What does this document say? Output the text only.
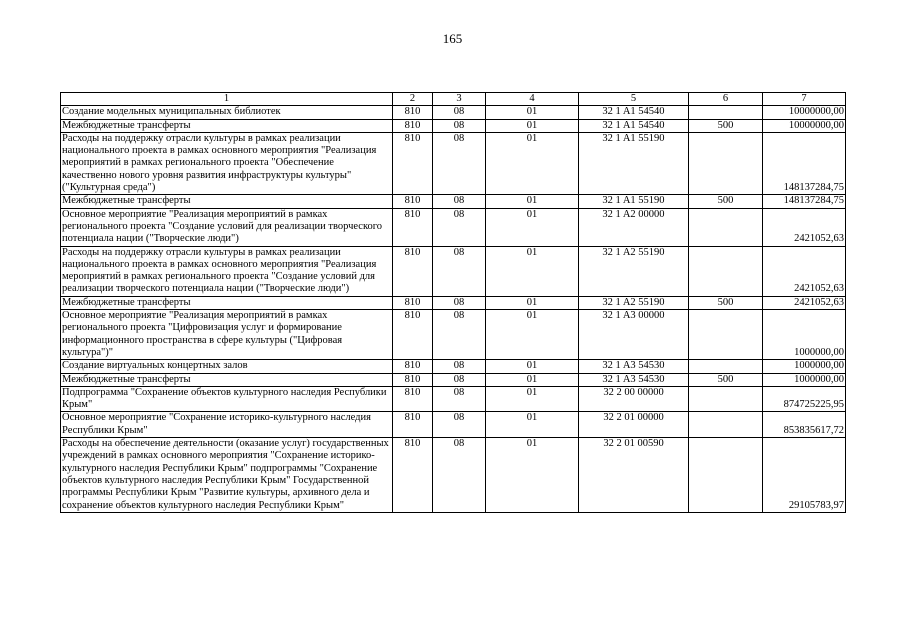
165
1	2	3	4	5	6	7
Создание модельных муниципальных библиотек	810	08	01	32 1 A1 54540		10000000,00
Межбюджетные трансферты	810	08	01	32 1 A1 54540	500	10000000,00
Расходы на поддержку отрасли культуры в рамках реализации национального проекта в рамках основного мероприятия "Реализация мероприятий в рамках регионального проекта "Обеспечение качественно нового уровня развития инфраструктуры культуры" ("Культурная среда")	810	08	01	32 1 A1 55190		148137284,75
Межбюджетные трансферты	810	08	01	32 1 A1 55190	500	148137284,75
Основное мероприятие "Реализация мероприятий в рамках регионального проекта "Создание условий для реализации творческого потенциала нации ("Творческие люди")	810	08	01	32 1 A2 00000		2421052,63
Расходы на поддержку отрасли культуры в рамках реализации национального проекта в рамках основного мероприятия "Реализация мероприятий в рамках регионального проекта "Создание условий для реализации творческого потенциала нации ("Творческие люди")	810	08	01	32 1 A2 55190		2421052,63
Межбюджетные трансферты	810	08	01	32 1 A2 55190	500	2421052,63
Основное мероприятие "Реализация мероприятий в рамках регионального проекта "Цифровизация услуг и формирование информационного пространства в сфере культуры ("Цифровая культура")"	810	08	01	32 1 A3 00000		1000000,00
Создание виртуальных концертных залов	810	08	01	32 1 A3 54530		1000000,00
Межбюджетные трансферты	810	08	01	32 1 A3 54530	500	1000000,00
Подпрограмма "Сохранение объектов культурного наследия Республики Крым"	810	08	01	32 2 00 00000		874725225,95
Основное мероприятие "Сохранение историко-культурного наследия Республики Крым"	810	08	01	32 2 01 00000		853835617,72
Расходы на обеспечение деятельности (оказание услуг) государственных учреждений в рамках основного мероприятия "Сохранение историко-культурного наследия Республики Крым" подпрограммы "Сохранение объектов культурного наследия Республики Крым" Государственной программы Республики Крым "Развитие культуры, архивного дела и сохранение объектов культурного наследия Республики Крым"	810	08	01	32 2 01 00590		29105783,97
